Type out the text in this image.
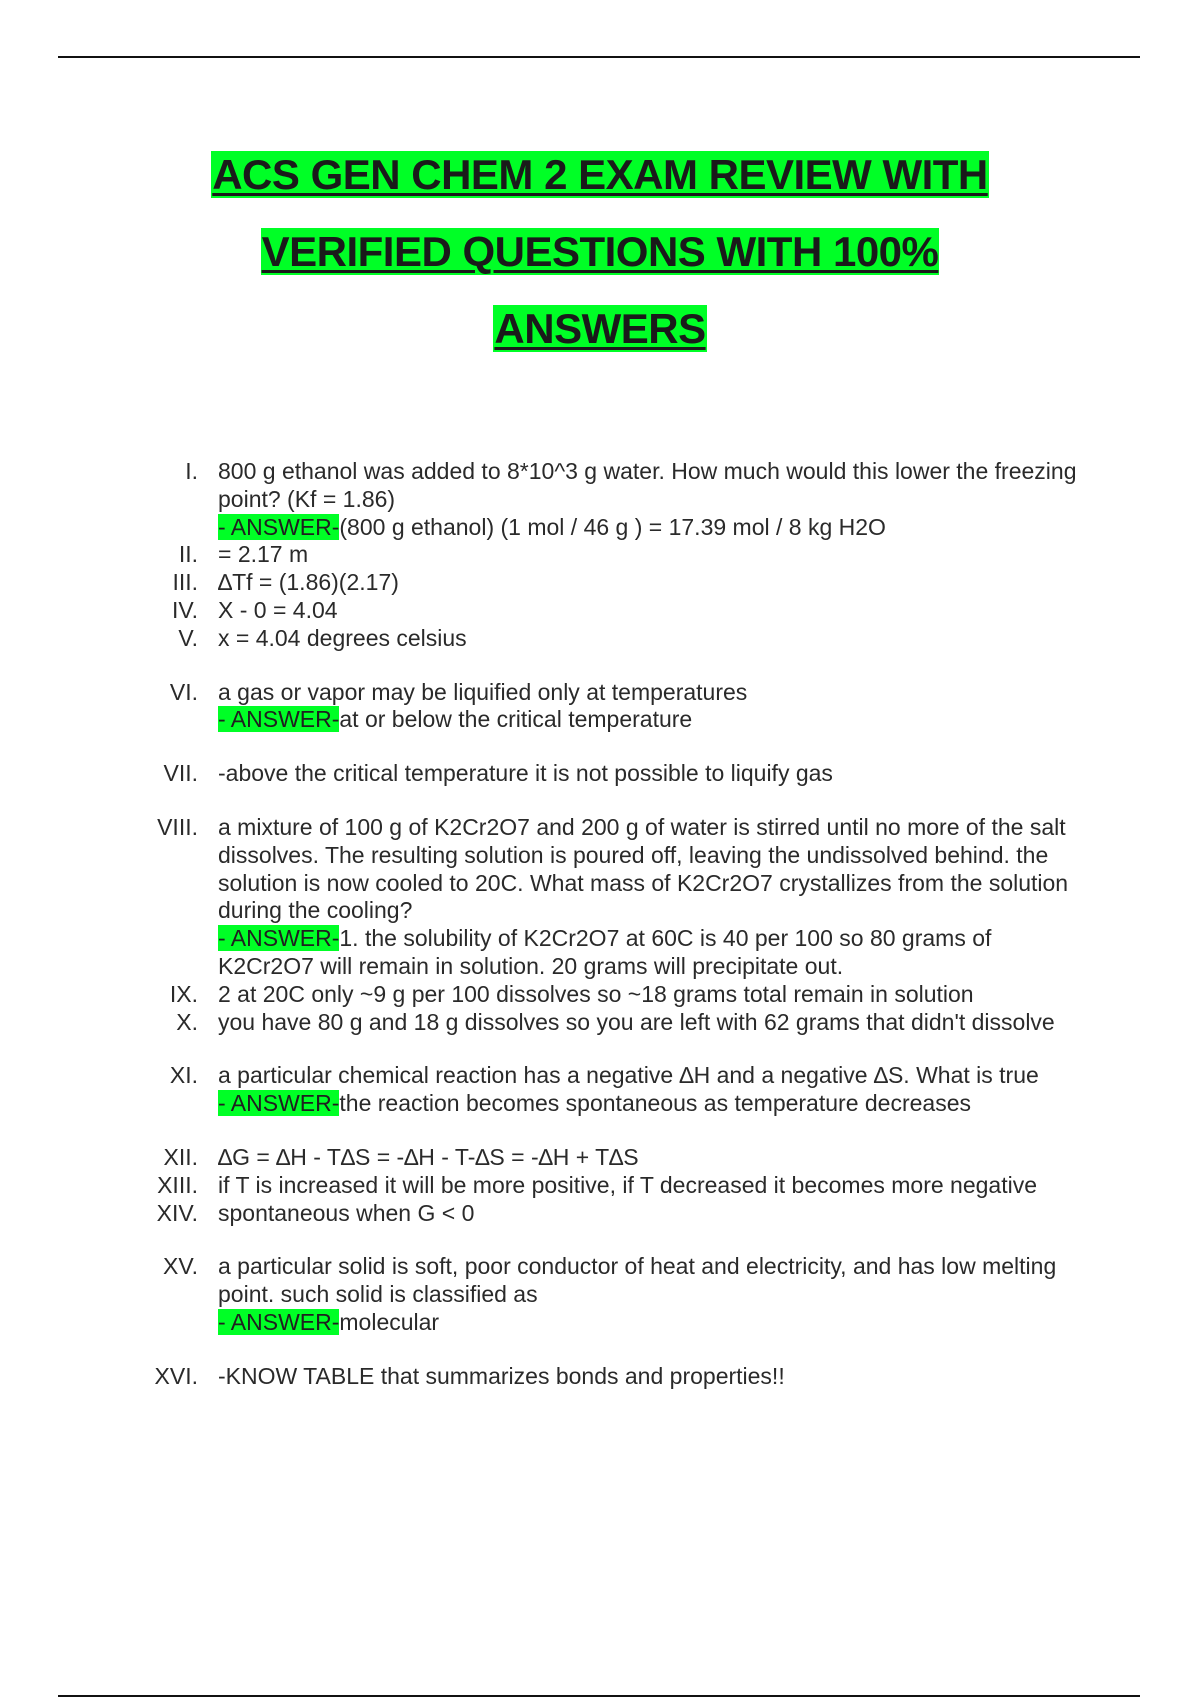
ACS GEN CHEM 2 EXAM REVIEW WITH
VERIFIED QUESTIONS WITH 100%
ANSWERS
I. 800 g ethanol was added to 8*10^3 g water. How much would this lower the freezing point? (Kf = 1.86)
- ANSWER-(800 g ethanol) (1 mol / 46 g ) = 17.39 mol / 8 kg H2O
II. = 2.17 m
III. ∆Tf = (1.86)(2.17)
IV. X - 0 = 4.04
V. x = 4.04 degrees celsius
VI. a gas or vapor may be liquified only at temperatures
- ANSWER-at or below the critical temperature
VII. -above the critical temperature it is not possible to liquify gas
VIII. a mixture of 100 g of K2Cr2O7 and 200 g of water is stirred until no more of the salt dissolves. The resulting solution is poured off, leaving the undissolved behind. the solution is now cooled to 20C. What mass of K2Cr2O7 crystallizes from the solution during the cooling?
- ANSWER-1. the solubility of K2Cr2O7 at 60C is 40 per 100 so 80 grams of K2Cr2O7 will remain in solution. 20 grams will precipitate out.
IX. 2 at 20C only ~9 g per 100 dissolves so ~18 grams total remain in solution
X. you have 80 g and 18 g dissolves so you are left with 62 grams that didn't dissolve
XI. a particular chemical reaction has a negative ∆H and a negative ∆S. What is true
- ANSWER-the reaction becomes spontaneous as temperature decreases
XII. ∆G = ∆H - T∆S = -∆H - T-∆S = -∆H + T∆S
XIII. if T is increased it will be more positive, if T decreased it becomes more negative
XIV. spontaneous when G < 0
XV. a particular solid is soft, poor conductor of heat and electricity, and has low melting point. such solid is classified as
- ANSWER-molecular
XVI. -KNOW TABLE that summarizes bonds and properties!!
